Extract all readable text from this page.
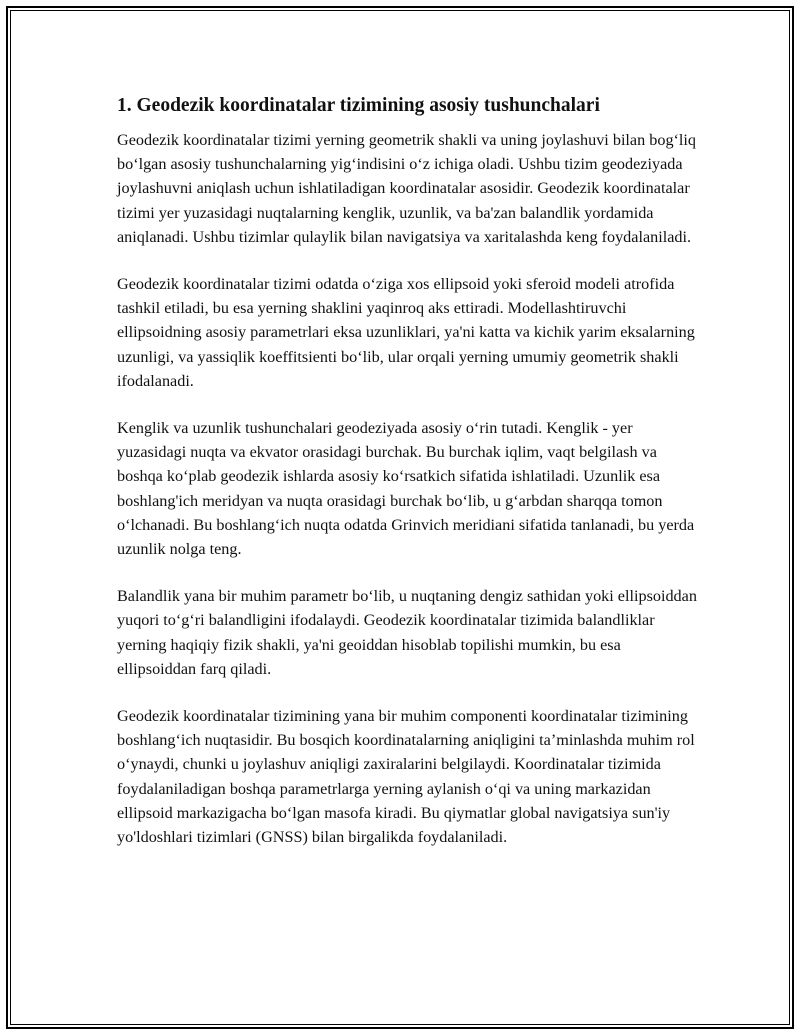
1. Geodezik koordinatalar tizimining asosiy tushunchalari

Geodezik koordinatalar tizimi yerning geometrik shakli va uning joylashuvi bilan bog‘liq bo‘lgan asosiy tushunchalarning yig‘indisini o‘z ichiga oladi. Ushbu tizim geodeziyada joylashuvni aniqlash uchun ishlatiladigan koordinatalar asosidir. Geodezik koordinatalar tizimi yer yuzasidagi nuqtalarning kenglik, uzunlik, va ba'zan balandlik yordamida aniqlanadi. Ushbu tizimlar qulaylik bilan navigatsiya va xaritalashda keng foydalaniladi.

Geodezik koordinatalar tizimi odatda o‘ziga xos ellipsoid yoki sferoid modeli atrofida tashkil etiladi, bu esa yerning shaklini yaqinroq aks ettiradi. Modellashtiruvchi ellipsoidning asosiy parametrlari eksa uzunliklari, ya'ni katta va kichik yarim eksalarning uzunligi, va yassiqlik koeffitsienti bo‘lib, ular orqali yerning umumiy geometrik shakli ifodalanadi.

Kenglik va uzunlik tushunchalari geodeziyada asosiy o‘rin tutadi. Kenglik - yer yuzasidagi nuqta va ekvator orasidagi burchak. Bu burchak iqlim, vaqt belgilash va boshqa ko‘plab geodezik ishlarda asosiy ko‘rsatkich sifatida ishlatiladi. Uzunlik esa boshlang'ich meridyan va nuqta orasidagi burchak bo‘lib, u g‘arbdan sharqqa tomon o‘lchanadi. Bu boshlang‘ich nuqta odatda Grinvich meridiani sifatida tanlanadi, bu yerda uzunlik nolga teng.

Balandlik yana bir muhim parametr bo‘lib, u nuqtaning dengiz sathidan yoki ellipsoiddan yuqori to‘g‘ri balandligini ifodalaydi. Geodezik koordinatalar tizimida balandliklar yerning haqiqiy fizik shakli, ya'ni geoiddan hisoblab topilishi mumkin, bu esa ellipsoiddan farq qiladi.

Geodezik koordinatalar tizimining yana bir muhim componenti koordinatalar tizimining boshlang‘ich nuqtasidir. Bu bosqich koordinatalarning aniqligini ta’minlashda muhim rol o‘ynaydi, chunki u joylashuv aniqligi zaxiralarini belgilaydi. Koordinatalar tizimida foydalaniladigan boshqa parametrlarga yerning aylanish o‘qi va uning markazidan ellipsoid markazigacha bo‘lgan masofa kiradi. Bu qiymatlar global navigatsiya sun'iy yo'ldoshlari tizimlari (GNSS) bilan birgalikda foydalaniladi.
